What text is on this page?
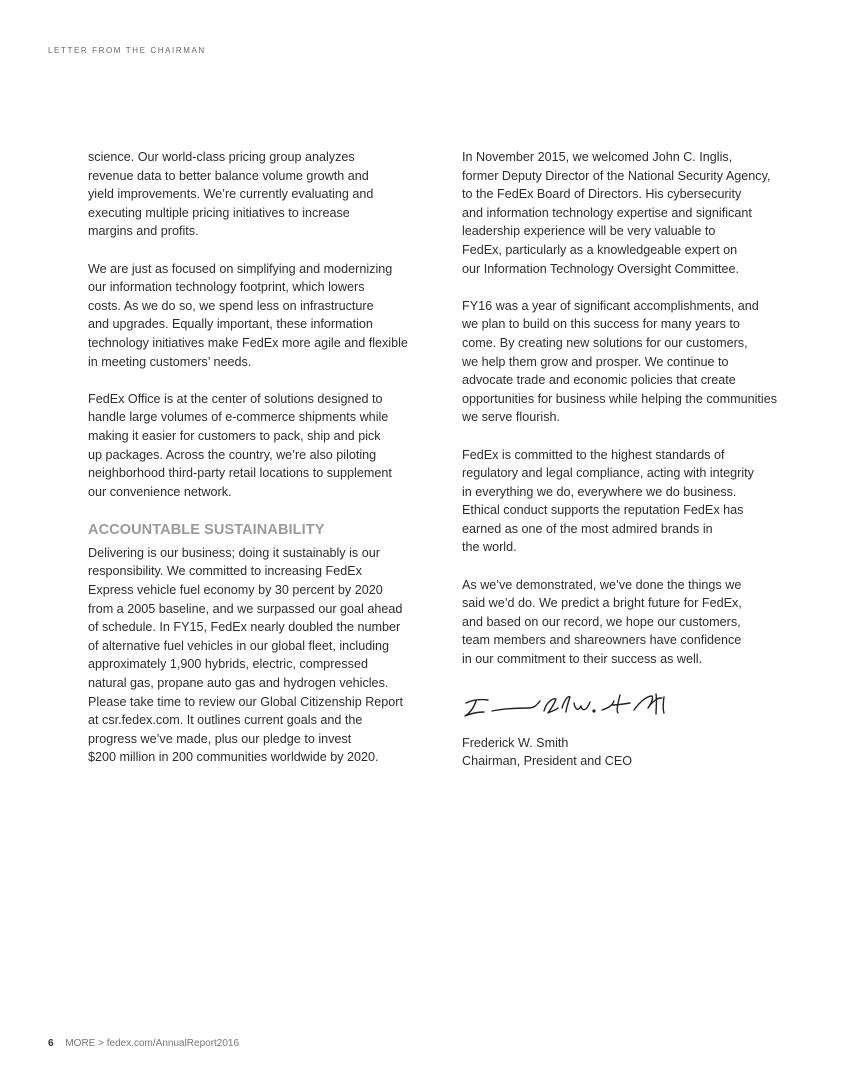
LETTER FROM THE CHAIRMAN

science. Our world-class pricing group analyzes
revenue data to better balance volume growth and
yield improvements. We’re currently evaluating and
executing multiple pricing initiatives to increase
margins and profits.

We are just as focused on simplifying and modernizing
our information technology footprint, which lowers
costs. As we do so, we spend less on infrastructure
and upgrades. Equally important, these information
technology initiatives make FedEx more agile and flexible
in meeting customers’ needs.

FedEx Office is at the center of solutions designed to
handle large volumes of e-commerce shipments while
making it easier for customers to pack, ship and pick
up packages. Across the country, we’re also piloting
neighborhood third-party retail locations to supplement
our convenience network.

ACCOUNTABLE SUSTAINABILITY

Delivering is our business; doing it sustainably is our
responsibility. We committed to increasing FedEx
Express vehicle fuel economy by 30 percent by 2020
from a 2005 baseline, and we surpassed our goal ahead
of schedule. In FY15, FedEx nearly doubled the number
of alternative fuel vehicles in our global fleet, including
approximately 1,900 hybrids, electric, compressed
natural gas, propane auto gas and hydrogen vehicles.
Please take time to review our Global Citizenship Report
at csr.fedex.com. It outlines current goals and the
progress we’ve made, plus our pledge to invest
$200 million in 200 communities worldwide by 2020.

In November 2015, we welcomed John C. Inglis,
former Deputy Director of the National Security Agency,
to the FedEx Board of Directors. His cybersecurity
and information technology expertise and significant
leadership experience will be very valuable to
FedEx, particularly as a knowledgeable expert on
our Information Technology Oversight Committee.

FY16 was a year of significant accomplishments, and
we plan to build on this success for many years to
come. By creating new solutions for our customers,
we help them grow and prosper. We continue to
advocate trade and economic policies that create
opportunities for business while helping the communities
we serve flourish.

FedEx is committed to the highest standards of
regulatory and legal compliance, acting with integrity
in everything we do, everywhere we do business.
Ethical conduct supports the reputation FedEx has
earned as one of the most admired brands in
the world.

As we’ve demonstrated, we’ve done the things we
said we’d do. We predict a bright future for FedEx,
and based on our record, we hope our customers,
team members and shareowners have confidence
in our commitment to their success as well.

Frederick W. Smith

Chairman, President and CEO

6 MORE > fedex.com/AnnualReport2016
